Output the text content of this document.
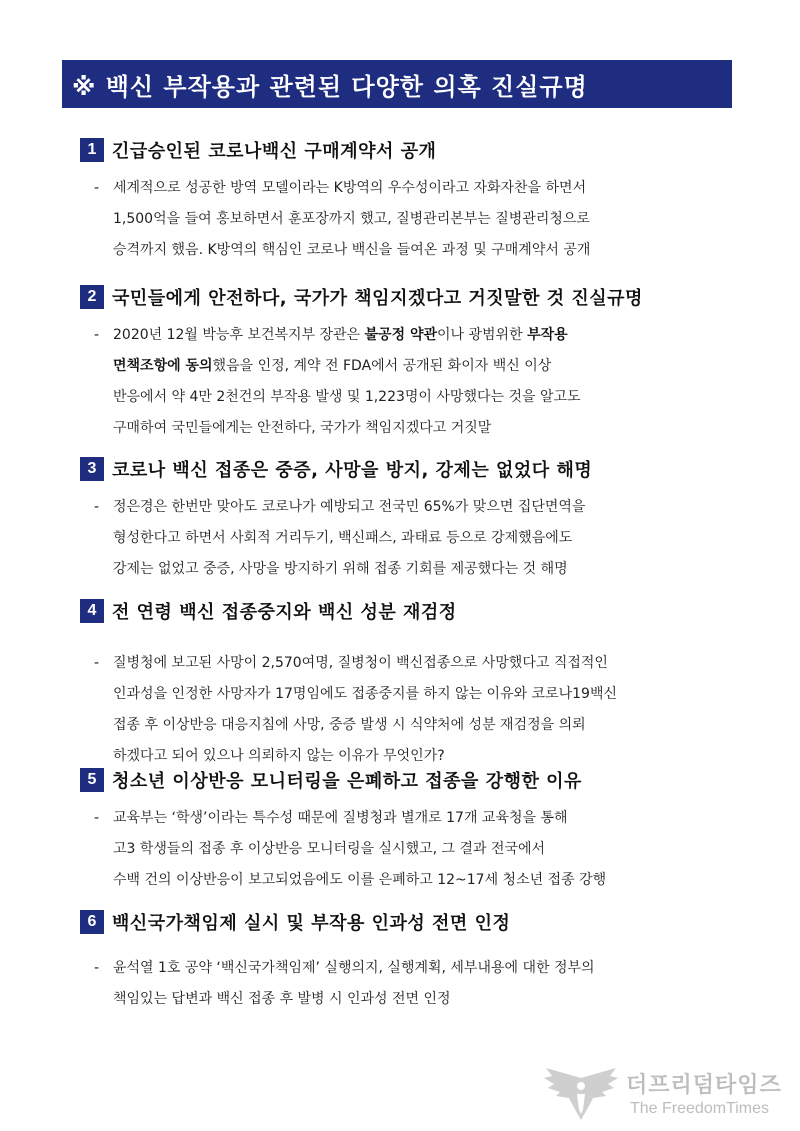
※ 백신 부작용과 관련된 다양한 의혹 진실규명
1 긴급승인된 코로나백신 구매계약서 공개
- 세계적으로 성공한 방역 모델이라는 K방역의 우수성이라고 자화자찬을 하면서
1,500억을 들여 홍보하면서 훈포장까지 했고, 질병관리본부는 질병관리청으로
승격까지 했음. K방역의 핵심인 코로나 백신을 들여온 과정 및 구매계약서 공개
2 국민들에게 안전하다, 국가가 책임지겠다고 거짓말한 것 진실규명
- 2020년 12월 박능후 보건복지부 장관은 불공정 약관이나 광범위한 부작용
면책조항에 동의했음을 인정, 계약 전 FDA에서 공개된 화이자 백신 이상
반응에서 약 4만 2천건의 부작용 발생 및 1,223명이 사망했다는 것을 알고도
구매하여 국민들에게는 안전하다, 국가가 책임지겠다고 거짓말
3 코로나 백신 접종은 중증, 사망을 방지, 강제는 없었다 해명
- 정은경은 한번만 맞아도 코로나가 예방되고 전국민 65%가 맞으면 집단면역을
형성한다고 하면서 사회적 거리두기, 백신패스, 과태료 등으로 강제했음에도
강제는 없었고 중증, 사망을 방지하기 위해 접종 기회를 제공했다는 것 해명
4 전 연령 백신 접종중지와 백신 성분 재검정
- 질병청에 보고된 사망이 2,570여명, 질병청이 백신접종으로 사망했다고 직접적인
인과성을 인정한 사망자가 17명임에도 접종중지를 하지 않는 이유와 코로나19백신
접종 후 이상반응 대응지침에 사망, 중증 발생 시 식약처에 성분 재검정을 의뢰
하겠다고 되어 있으나 의뢰하지 않는 이유가 무엇인가?
5 청소년 이상반응 모니터링을 은폐하고 접종을 강행한 이유
- 교육부는 ‘학생’이라는 특수성 때문에 질병청과 별개로 17개 교육청을 통해
고3 학생들의 접종 후 이상반응 모니터링을 실시했고, 그 결과 전국에서
수백 건의 이상반응이 보고되었음에도 이를 은폐하고 12~17세 청소년 접종 강행
6 백신국가책임제 실시 및 부작용 인과성 전면 인정
- 윤석열 1호 공약 ‘백신국가책임제’ 실행의지, 실행계획, 세부내용에 대한 정부의
책임있는 답변과 백신 접종 후 발병 시 인과성 전면 인정
더프리덤타임즈
The FreedomTimes
